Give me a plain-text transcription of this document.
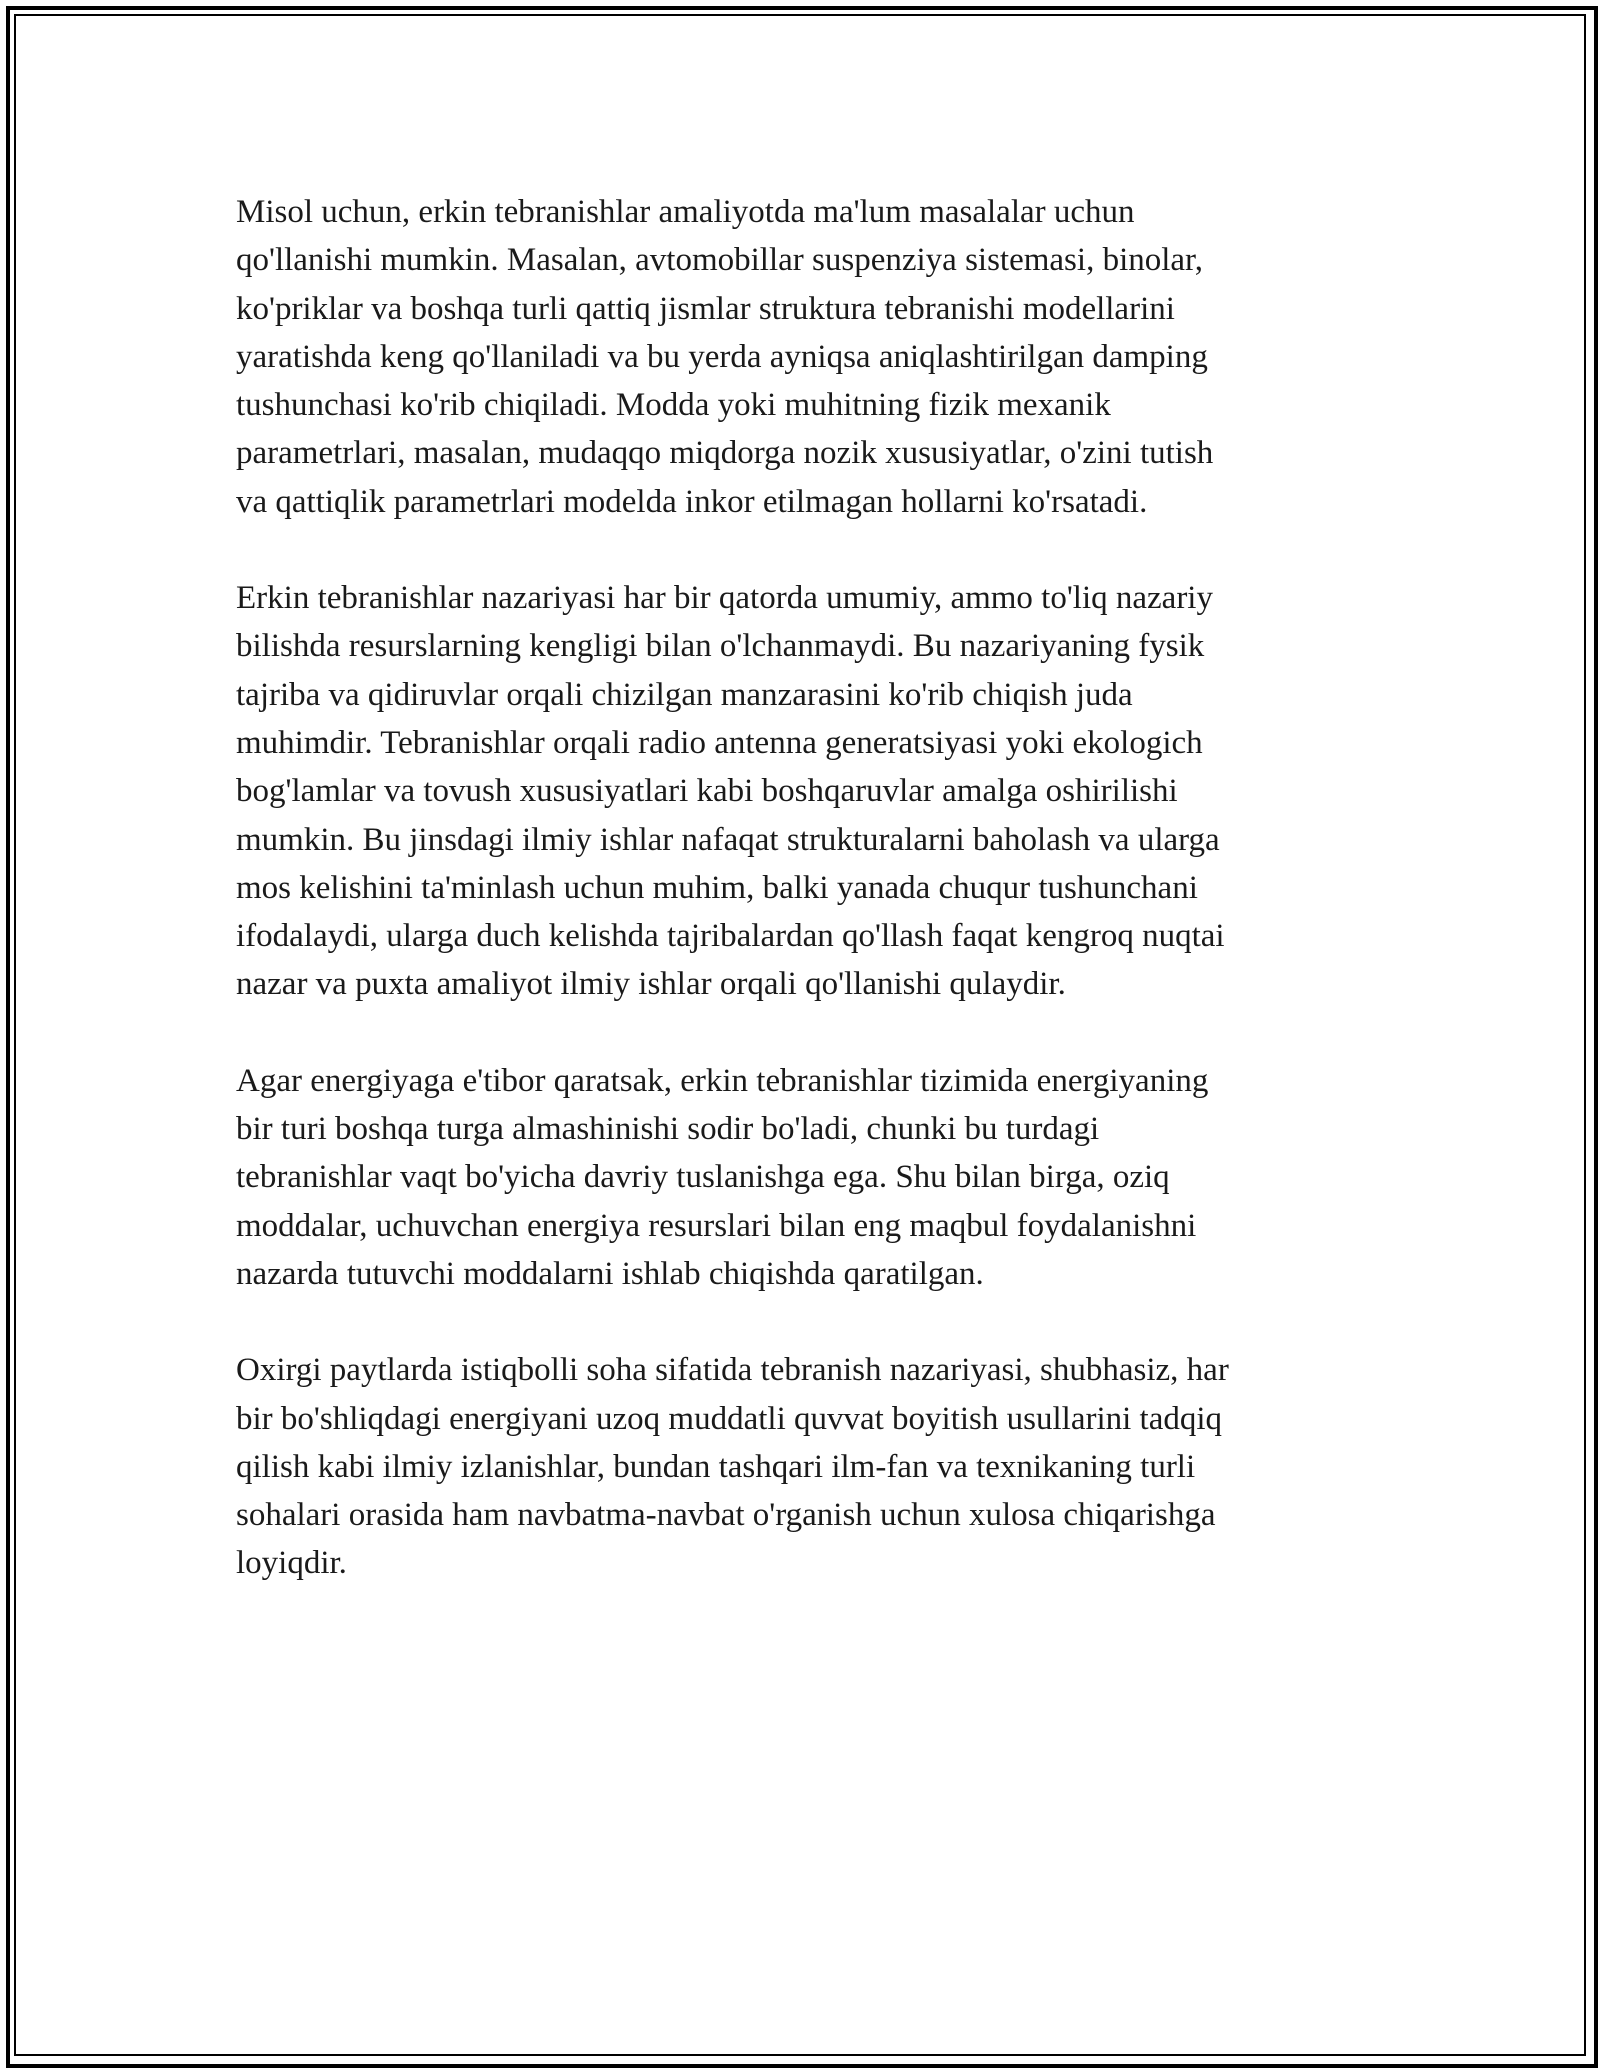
Misol uchun, erkin tebranishlar amaliyotda ma'lum masalalar uchun
qo'llanishi mumkin. Masalan, avtomobillar suspenziya sistemasi, binolar,
ko'priklar va boshqa turli qattiq jismlar struktura tebranishi modellarini
yaratishda keng qo'llaniladi va bu yerda ayniqsa aniqlashtirilgan damping
tushunchasi ko'rib chiqiladi. Modda yoki muhitning fizik mexanik
parametrlari, masalan, mudaqqo miqdorga nozik xususiyatlar, o'zini tutish
va qattiqlik parametrlari modelda inkor etilmagan hollarni ko'rsatadi.

Erkin tebranishlar nazariyasi har bir qatorda umumiy, ammo to'liq nazariy
bilishda resurslarning kengligi bilan o'lchanmaydi. Bu nazariyaning fysik
tajriba va qidiruvlar orqali chizilgan manzarasini ko'rib chiqish juda
muhimdir. Tebranishlar orqali radio antenna generatsiyasi yoki ekologich
bog'lamlar va tovush xususiyatlari kabi boshqaruvlar amalga oshirilishi
mumkin. Bu jinsdagi ilmiy ishlar nafaqat strukturalarni baholash va ularga
mos kelishini ta'minlash uchun muhim, balki yanada chuqur tushunchani
ifodalaydi, ularga duch kelishda tajribalardan qo'llash faqat kengroq nuqtai
nazar va puxta amaliyot ilmiy ishlar orqali qo'llanishi qulaydir.

Agar energiyaga e'tibor qaratsak, erkin tebranishlar tizimida energiyaning
bir turi boshqa turga almashinishi sodir bo'ladi, chunki bu turdagi
tebranishlar vaqt bo'yicha davriy tuslanishga ega. Shu bilan birga, oziq
moddalar, uchuvchan energiya resurslari bilan eng maqbul foydalanishni
nazarda tutuvchi moddalarni ishlab chiqishda qaratilgan.

Oxirgi paytlarda istiqbolli soha sifatida tebranish nazariyasi, shubhasiz, har
bir bo'shliqdagi energiyani uzoq muddatli quvvat boyitish usullarini tadqiq
qilish kabi ilmiy izlanishlar, bundan tashqari ilm-fan va texnikaning turli
sohalari orasida ham navbatma-navbat o'rganish uchun xulosa chiqarishga
loyiqdir.
